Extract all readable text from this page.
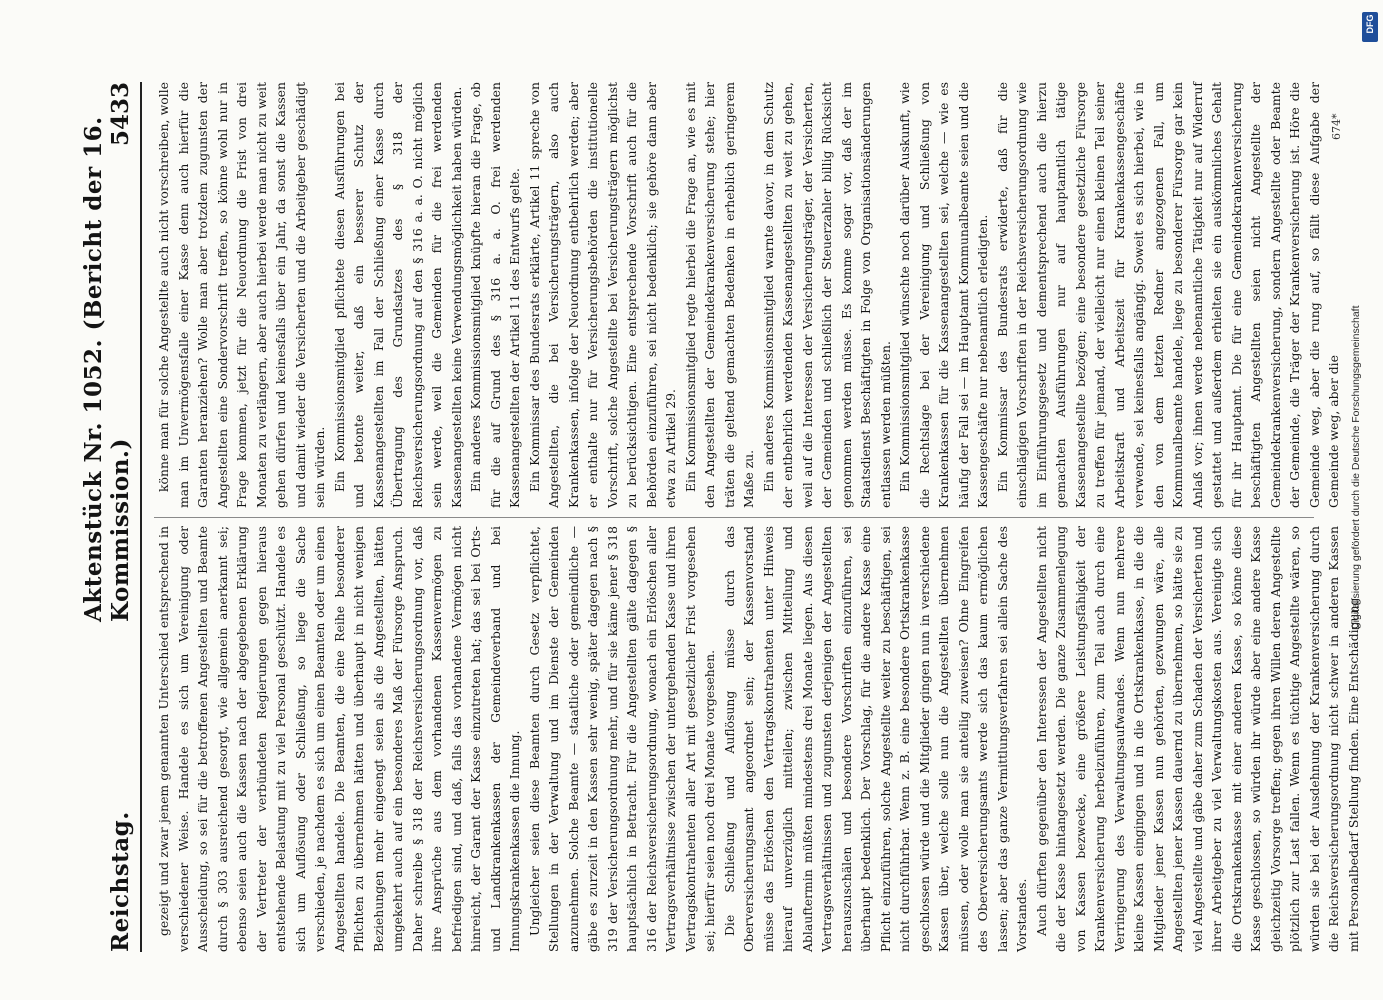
Reichstag.
Aktenstück Nr. 1052. (Bericht der 16. Kommission.)
5433

gezeigt und zwar jenem genannten Unterschied entsprechend in verschiedener Weise. Handele es sich um Vereinigung oder Ausscheidung, so sei für die betroffenen Angestellten und Beamte durch § 303 ausreichend gesorgt, wie allgemein anerkannt sei; ebenso seien auch die Kassen nach der abgegebenen Erklärung der Vertreter der verbündeten Regierungen gegen hieraus entstehende Belastung mit zu viel Personal geschützt. Handele es sich um Auflösung oder Schließung, so liege die Sache verschieden, je nachdem es sich um einen Beamten oder um einen Angestellten handele. Die Beamten, die eine Reihe besonderer Pflichten zu übernehmen hätten und überhaupt in nicht wenigen Beziehungen mehr eingeengt seien als die Angestellten, hätten umgekehrt auch auf ein besonderes Maß der Fürsorge Anspruch. Daher schreibe § 318 der Reichsversicherungsordnung vor, daß ihre Ansprüche aus dem vorhandenen Kassenvermögen zu befriedigen sind, und daß, falls das vorhandene Vermögen nicht hinreicht, der Garant der Kasse einzutreten hat; das sei bei Orts- und Landkrankenkassen der Gemeindeverband und bei Innungskrankenkassen die Innung. Ungleicher seien diese Beamten durch Gesetz verpflichtet, Stellungen in der Verwaltung und im Dienste der Gemeinden anzunehmen. Solche Beamte — staatliche oder gemeindliche — gäbe es zurzeit in den Kassen sehr wenig, später dagegen nach § 319 der Versicherungsordnung mehr, und für sie käme jener § 318 hauptsächlich in Betracht. Für die Angestellten gälte dagegen § 316 der Reichsversicherungsordnung, wonach ein Erlöschen aller Vertragsverhältnisse zwischen der untergehenden Kasse und ihren Vertragskontrahenten aller Art mit gesetzlicher Frist vorgesehen sei; hierfür seien noch drei Monate vorgesehen. Die Schließung und Auflösung müsse durch das Oberversicherungsamt angeordnet sein; der Kassenvorstand müsse das Erlöschen den Vertragskontrahenten unter Hinweis hierauf unverzüglich mitteilen; zwischen Mitteilung und Ablauftermin müßten mindestens drei Monate liegen. Aus diesen Vertragsverhältnissen und zugunsten derjenigen der Angestellten herauszuschälen und besondere Vorschriften einzuführen, sei überhaupt bedenklich. Der Vorschlag, für die andere Kasse eine Pflicht einzuführen, solche Angestellte weiter zu beschäftigen, sei nicht durchführbar. Wenn z. B. eine besondere Ortskrankenkasse geschlossen würde und die Mitglieder gingen nun in verschiedene Kassen über, welche solle nun die Angestellten übernehmen müssen, oder wolle man sie anteilig zuweisen? Ohne Eingreifen des Oberversicherungsamts werde sich das kaum ermöglichen lassen; aber das ganze Vermittlungsverfahren sei allein Sache des Vorstandes. Auch dürften gegenüber den Interessen der Angestellten nicht die der Kasse hintangesetzt werden. Die ganze Zusammenlegung von Kassen bezwecke, eine größere Leistungsfähigkeit der Krankenversicherung herbeizuführen, zum Teil auch durch eine Verringerung des Verwaltungsaufwandes. Wenn nun mehrere kleine Kassen eingingen und in die Ortskrankenkasse, in die die Mitglieder jener Kassen nun gehörten, gezwungen wäre, alle Angestellten jener Kassen dauernd zu übernehmen, so hätte sie zu viel Angestellte und gäbe daher zum Schaden der Versicherten und ihrer Arbeitgeber zu viel Verwaltungskosten aus. Vereinigte sich die Ortskrankenkasse mit einer anderen Kasse, so könne diese Kasse geschlossen, so würden ihr würde aber eine andere Kasse gleichzeitig Vorsorge treffen; gegen ihren Willen deren Angestellte plötzlich zur Last fallen. Wenn es tüchtige Angestellte wären, so würden sie bei der Ausdehnung der Krankenversicherung durch die Reichsversicherungsordnung nicht schwer in anderen Kassen mit Personalbedarf Stellung finden. Eine Entschädigung

könne man für solche Angestellte auch nicht vorschreiben, wolle man im Unvermögensfalle einer Kasse denn auch hierfür die Garanten heranziehen? Wolle man aber trotzdem zugunsten der Angestellten eine Sondervorschrift treffen, so könne wohl nur in Frage kommen, jetzt für die Neuordnung die Frist von drei Monaten zu verlängern, aber auch hierbei werde man nicht zu weit gehen dürfen und keinesfalls über ein Jahr, da sonst die Kassen und damit wieder die Versicherten und die Arbeitgeber geschädigt sein würden. Ein Kommissionsmitglied pflichtete diesen Ausführungen bei und betonte weiter, daß ein besserer Schutz der Kassenangestellten im Fall der Schließung einer Kasse durch Übertragung des Grundsatzes des § 318 der Reichsversicherungsordnung auf den § 316 a. a. O. nicht möglich sein werde, weil die Gemeinden für die frei werdenden Kassenangestellten keine Verwendungsmöglichkeit haben würden. Ein anderes Kommissionsmitglied knüpfte hieran die Frage, ob für die auf Grund des § 316 a. a. O. frei werdenden Kassenangestellten der Artikel 11 des Entwurfs gelte. Ein Kommissar des Bundesrats erklärte, Artikel 11 spreche von Angestellten, die bei Versicherungsträgern, also auch Krankenkassen, infolge der Neuordnung entbehrlich werden; aber er enthalte nur für Versicherungsbehörden die institutionelle Vorschrift, solche Angestellte bei Versicherungsträgern möglichst zu berücksichtigen. Eine entsprechende Vorschrift auch für die Behörden einzuführen, sei nicht bedenklich; sie gehöre dann aber etwa zu Artikel 29. Ein Kommissionsmitglied regte hierbei die Frage an, wie es mit den Angestellten der Gemeindekrankenversicherung stehe; hier träten die geltend gemachten Bedenken in erheblich geringerem Maße zu. Ein anderes Kommissionsmitglied warnte davor, in dem Schutz der entbehrlich werdenden Kassenangestellten zu weit zu gehen, weil auf die Interessen der Versicherungsträger, der Versicherten, der Gemeinden und schließlich der Steuerzahler billig Rücksicht genommen werden müsse. Es komme sogar vor, daß der im Staatsdienst Beschäftigten in Folge von Organisationsänderungen entlassen werden müßten. Ein Kommissionsmitglied wünschte noch darüber Auskunft, wie die Rechtslage bei der Vereinigung und Schließung von Krankenkassen für die Kassenangestellten sei, welche — wie es häufig der Fall sei — im Hauptamt Kommunalbeamte seien und die Kassengeschäfte nur nebenamtlich erledigten. Ein Kommissar des Bundesrats erwiderte, daß für die einschlägigen Vorschriften in der Reichsversicherungsordnung wie im Einführungsgesetz und dementsprechend auch die hierzu gemachten Ausführungen nur auf hauptamtlich tätige Kassenangestellte bezögen; eine besondere gesetzliche Fürsorge zu treffen für jemand, der vielleicht nur einen kleinen Teil seiner Arbeitskraft und Arbeitszeit für Krankenkassengeschäfte verwende, sei keinesfalls angängig. Soweit es sich hierbei, wie in den von dem letzten Redner angezogenen Fall, um Kommunalbeamte handele, liege zu besonderer Fürsorge gar kein Anlaß vor; ihnen werde nebenamtliche Tätigkeit nur auf Widerruf gestattet und außerdem erhielten sie ein auskömmliches Gehalt für ihr Hauptamt. Die für eine Gemeindekrankenversicherung beschäftigten Angestellten seien nicht Angestellte der Gemeindekrankenversicherung, sondern Angestellte oder Beamte der Gemeinde, die Träger der Krankenversicherung ist. Höre die Gemeinde weg, aber die rung auf, so fällt diese Aufgabe der Gemeinde weg, aber die

674*
Digitalisierung gefördert durch die Deutsche Forschungsgemeinschaft
DFG
